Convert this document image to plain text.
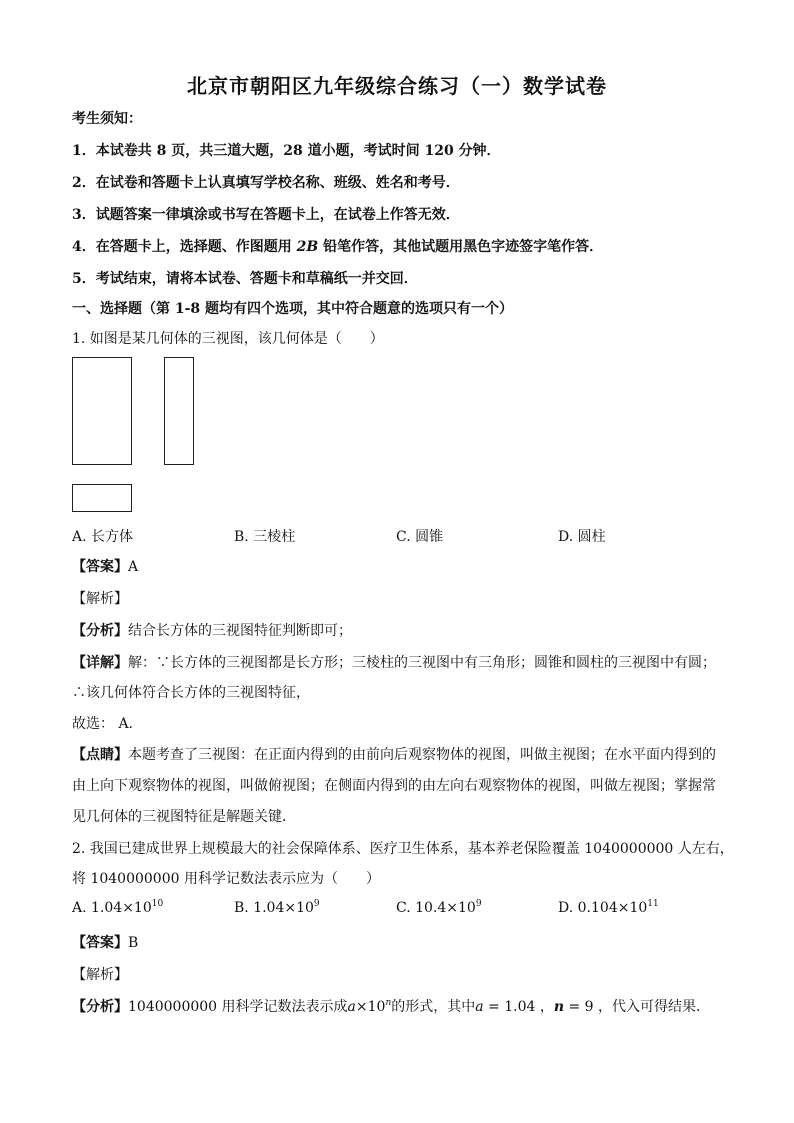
北京市朝阳区九年级综合练习（一）数学试卷
考生须知：
1．本试卷共 8 页，共三道大题，28 道小题，考试时间 120 分钟．
2．在试卷和答题卡上认真填写学校名称、班级、姓名和考号．
3．试题答案一律填涂或书写在答题卡上，在试卷上作答无效．
4．在答题卡上，选择题、作图题用 2B 铅笔作答，其他试题用黑色字迹签字笔作答．
5．考试结束，请将本试卷、答题卡和草稿纸一并交回．
一、选择题（第 1-8 题均有四个选项，其中符合题意的选项只有一个）
1. 如图是某几何体的三视图，该几何体是（　　）
A. 长方体	B. 三棱柱	C. 圆锥	D. 圆柱
【答案】A
【解析】
【分析】结合长方体的三视图特征判断即可；
【详解】解：∵长方体的三视图都是长方形；三棱柱的三视图中有三角形；圆锥和圆柱的三视图中有圆；
∴该几何体符合长方体的三视图特征，
故选： A．
【点睛】本题考查了三视图：在正面内得到的由前向后观察物体的视图，叫做主视图；在水平面内得到的
由上向下观察物体的视图，叫做俯视图；在侧面内得到的由左向右观察物体的视图，叫做左视图；掌握常
见几何体的三视图特征是解题关键．
2. 我国已建成世界上规模最大的社会保障体系、医疗卫生体系，基本养老保险覆盖 1040000000 人左右，
将 1040000000 用科学记数法表示应为（　　）
A. $1.04\times 10^{10}$	B. $1.04\times 10^9$	C. $10.4\times 10^9$	D. $0.104\times 10^{11}$
【答案】B
【解析】
【分析】1040000000 用科学记数法表示成$a\times 10^n$的形式，其中a = 1.04 ，n = 9 ，代入可得结果．
